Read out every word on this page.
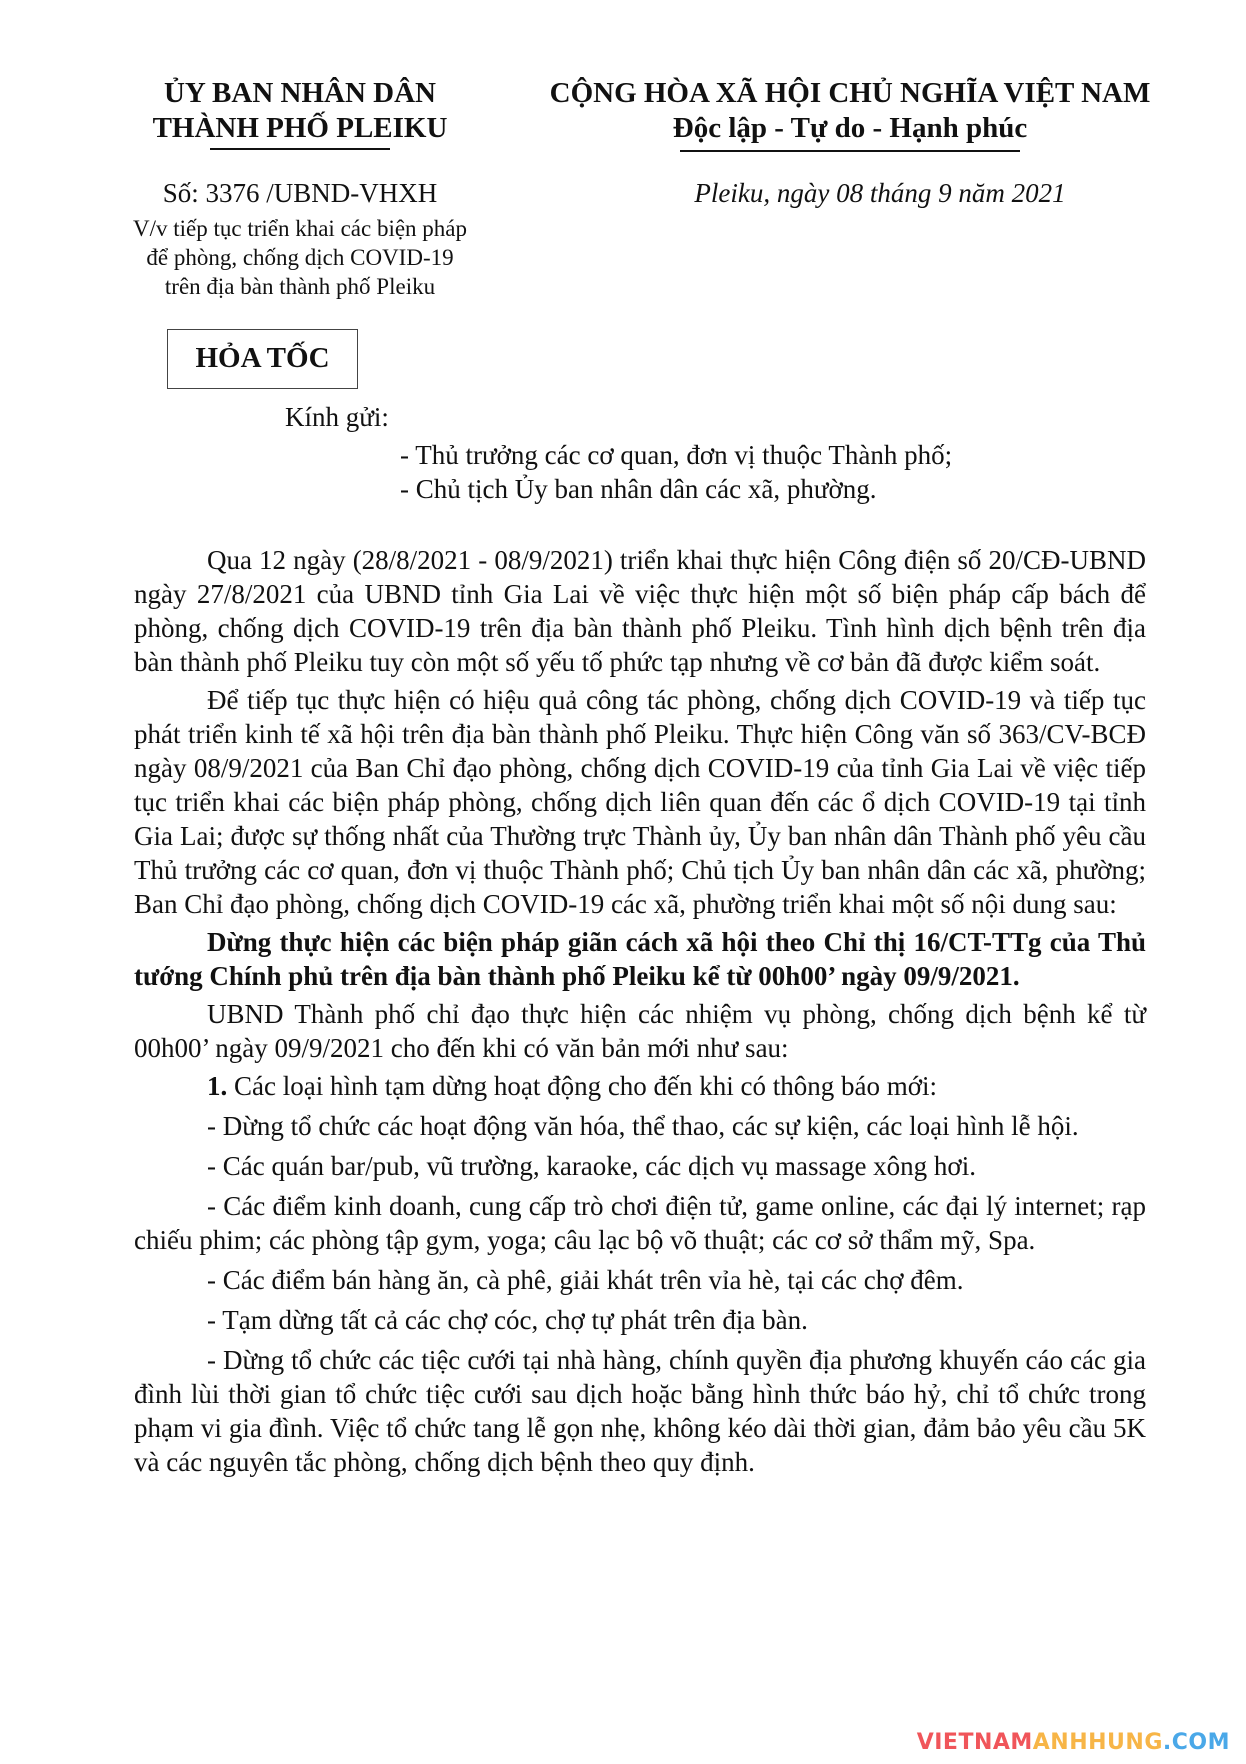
ỦY BAN NHÂN DÂN
THÀNH PHỐ PLEIKU
CỘNG HÒA XÃ HỘI CHỦ NGHĨA VIỆT NAM
Độc lập - Tự do - Hạnh phúc
Số: 3376 /UBND-VHXH
V/v tiếp tục triển khai các biện pháp
để phòng, chống dịch COVID-19
trên địa bàn thành phố Pleiku
Pleiku, ngày 08 tháng 9 năm 2021
HỎA TỐC
Kính gửi:
- Thủ trưởng các cơ quan, đơn vị thuộc Thành phố;
- Chủ tịch Ủy ban nhân dân các xã, phường.

Qua 12 ngày (28/8/2021 - 08/9/2021) triển khai thực hiện Công điện số 20/CĐ-UBND ngày 27/8/2021 của UBND tỉnh Gia Lai về việc thực hiện một số biện pháp cấp bách để phòng, chống dịch COVID-19 trên địa bàn thành phố Pleiku. Tình hình dịch bệnh trên địa bàn thành phố Pleiku tuy còn một số yếu tố phức tạp nhưng về cơ bản đã được kiểm soát.

Để tiếp tục thực hiện có hiệu quả công tác phòng, chống dịch COVID-19 và tiếp tục phát triển kinh tế xã hội trên địa bàn thành phố Pleiku. Thực hiện Công văn số 363/CV-BCĐ ngày 08/9/2021 của Ban Chỉ đạo phòng, chống dịch COVID-19 của tỉnh Gia Lai về việc tiếp tục triển khai các biện pháp phòng, chống dịch liên quan đến các ổ dịch COVID-19 tại tỉnh Gia Lai; được sự thống nhất của Thường trực Thành ủy, Ủy ban nhân dân Thành phố yêu cầu Thủ trưởng các cơ quan, đơn vị thuộc Thành phố; Chủ tịch Ủy ban nhân dân các xã, phường; Ban Chỉ đạo phòng, chống dịch COVID-19 các xã, phường triển khai một số nội dung sau:

Dừng thực hiện các biện pháp giãn cách xã hội theo Chỉ thị 16/CT-TTg của Thủ tướng Chính phủ trên địa bàn thành phố Pleiku kể từ 00h00’ ngày 09/9/2021.

UBND Thành phố chỉ đạo thực hiện các nhiệm vụ phòng, chống dịch bệnh kể từ 00h00’ ngày 09/9/2021 cho đến khi có văn bản mới như sau:

1. Các loại hình tạm dừng hoạt động cho đến khi có thông báo mới:

- Dừng tổ chức các hoạt động văn hóa, thể thao, các sự kiện, các loại hình lễ hội.

- Các quán bar/pub, vũ trường, karaoke, các dịch vụ massage xông hơi.

- Các điểm kinh doanh, cung cấp trò chơi điện tử, game online, các đại lý internet; rạp chiếu phim; các phòng tập gym, yoga; câu lạc bộ võ thuật; các cơ sở thẩm mỹ, Spa.

- Các điểm bán hàng ăn, cà phê, giải khát trên vỉa hè, tại các chợ đêm.

- Tạm dừng tất cả các chợ cóc, chợ tự phát trên địa bàn.

- Dừng tổ chức các tiệc cưới tại nhà hàng, chính quyền địa phương khuyến cáo các gia đình lùi thời gian tổ chức tiệc cưới sau dịch hoặc bằng hình thức báo hỷ, chỉ tổ chức trong phạm vi gia đình. Việc tổ chức tang lễ gọn nhẹ, không kéo dài thời gian, đảm bảo yêu cầu 5K và các nguyên tắc phòng, chống dịch bệnh theo quy định.

VIETNAMANHHUNG.COM
